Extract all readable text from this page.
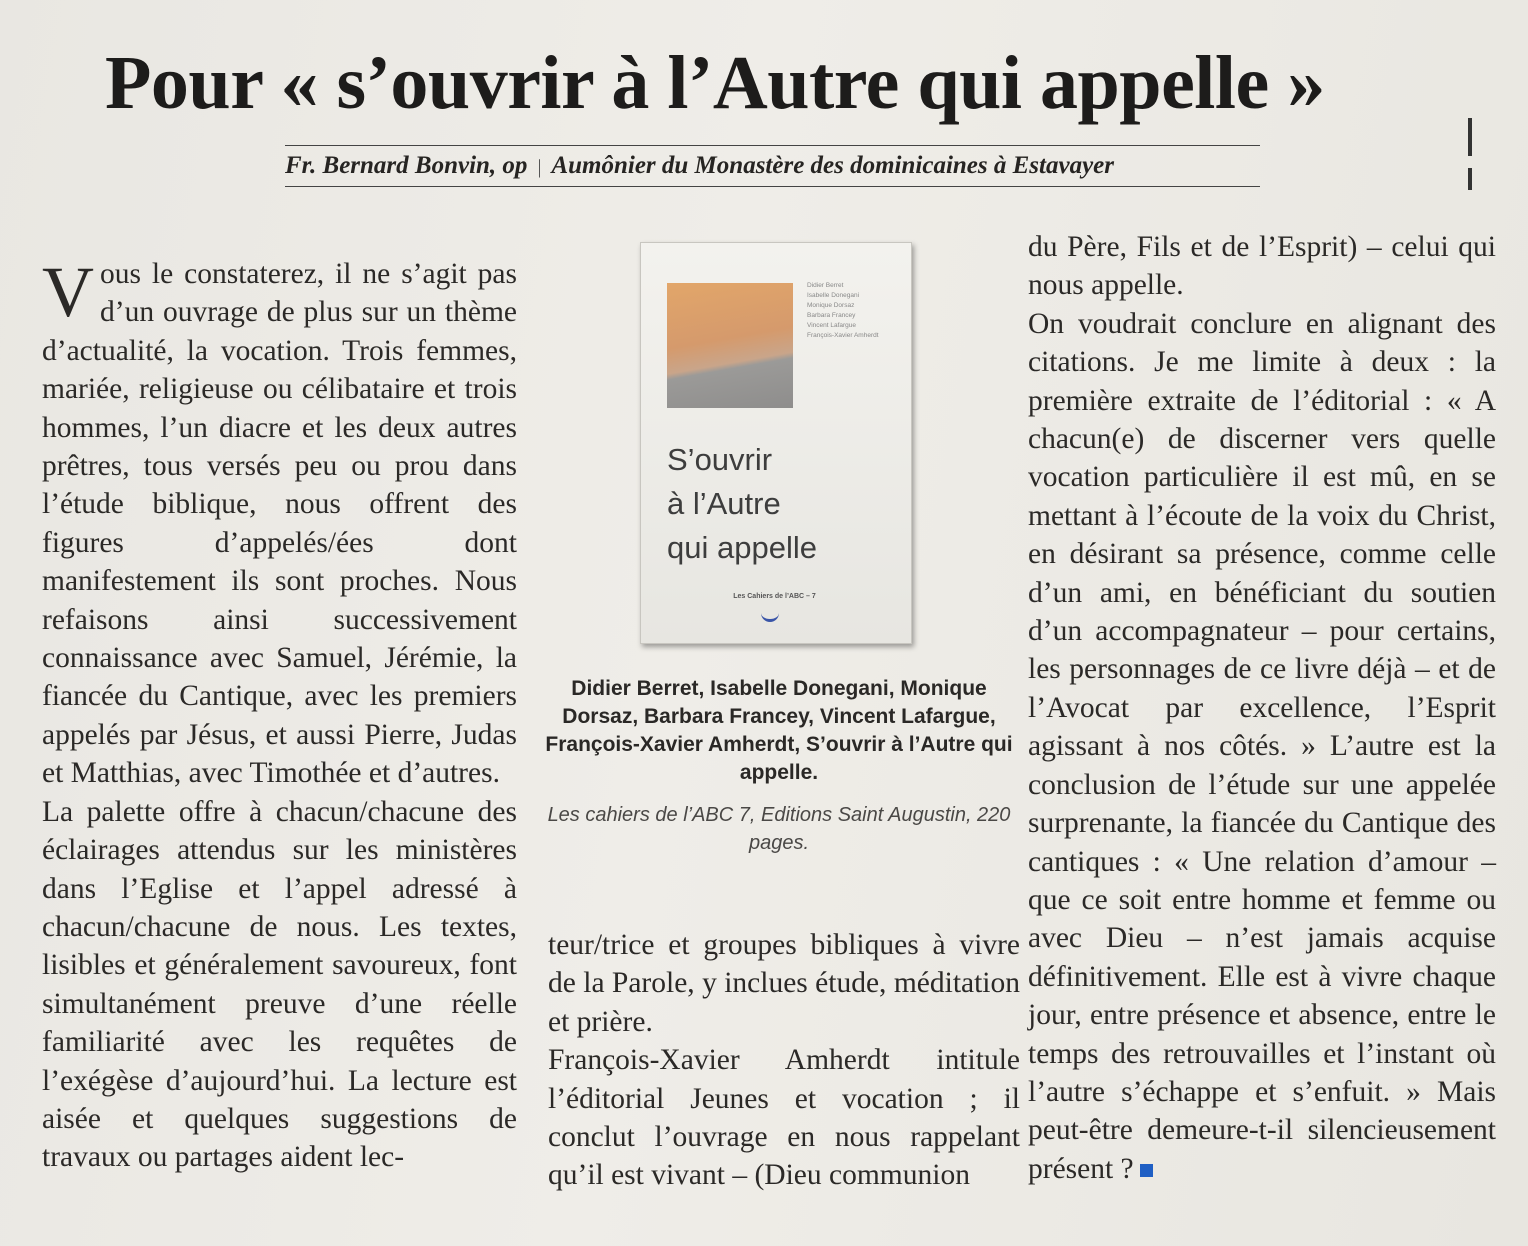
Pour « s’ouvrir à l’Autre qui appelle »
Fr. Bernard Bonvin, op | Aumônier du Monastère des dominicaines à Estavayer

Vous le constaterez, il ne s’agit pas d’un ouvrage de plus sur un thème d’actualité, la vocation. Trois femmes, mariée, religieuse ou célibataire et trois hommes, l’un diacre et les deux autres prêtres, tous versés peu ou prou dans l’étude biblique, nous offrent des figures d’appelés/ées dont manifestement ils sont proches. Nous refaisons ainsi successivement connaissance avec Samuel, Jérémie, la fiancée du Cantique, avec les premiers appelés par Jésus, et aussi Pierre, Judas et Matthias, avec Timothée et d’autres.

La palette offre à chacun/chacune des éclairages attendus sur les ministères dans l’Eglise et l’appel adressé à chacun/chacune de nous. Les textes, lisibles et généralement savoureux, font simultanément preuve d’une réelle familiarité avec les requêtes de l’exégèse d’aujourd’hui. La lecture est aisée et quelques suggestions de travaux ou partages aident lec-

Didier Berret
Isabelle Donegani
Monique Dorsaz
Barbara Francey
Vincent Lafargue
François-Xavier Amherdt
S’ouvrir
à l’Autre
qui appelle
Les Cahiers de l’ABC – 7
Didier Berret, Isabelle Donegani, Monique Dorsaz, Barbara Francey, Vincent Lafargue, François-Xavier Amherdt, S’ouvrir à l’Autre qui appelle.
Les cahiers de l’ABC 7, Editions Saint Augustin, 220 pages.

teur/trice et groupes bibliques à vivre de la Parole, y inclues étude, méditation et prière.

François-Xavier Amherdt intitule l’éditorial Jeunes et vocation ; il conclut l’ouvrage en nous rappelant qu’il est vivant – (Dieu communion

du Père, Fils et de l’Esprit) – celui qui nous appelle.

On voudrait conclure en alignant des citations. Je me limite à deux : la première extraite de l’éditorial : « A chacun(e) de discerner vers quelle vocation particulière il est mû, en se mettant à l’écoute de la voix du Christ, en désirant sa présence, comme celle d’un ami, en bénéficiant du soutien d’un accompagnateur – pour certains, les personnages de ce livre déjà – et de l’Avocat par excellence, l’Esprit agissant à nos côtés. » L’autre est la conclusion de l’étude sur une appelée surprenante, la fiancée du Cantique des cantiques : « Une relation d’amour – que ce soit entre homme et femme ou avec Dieu – n’est jamais acquise définitivement. Elle est à vivre chaque jour, entre présence et absence, entre le temps des retrouvailles et l’instant où l’autre s’échappe et s’enfuit. » Mais peut-être demeure-t-il silencieusement présent ?
